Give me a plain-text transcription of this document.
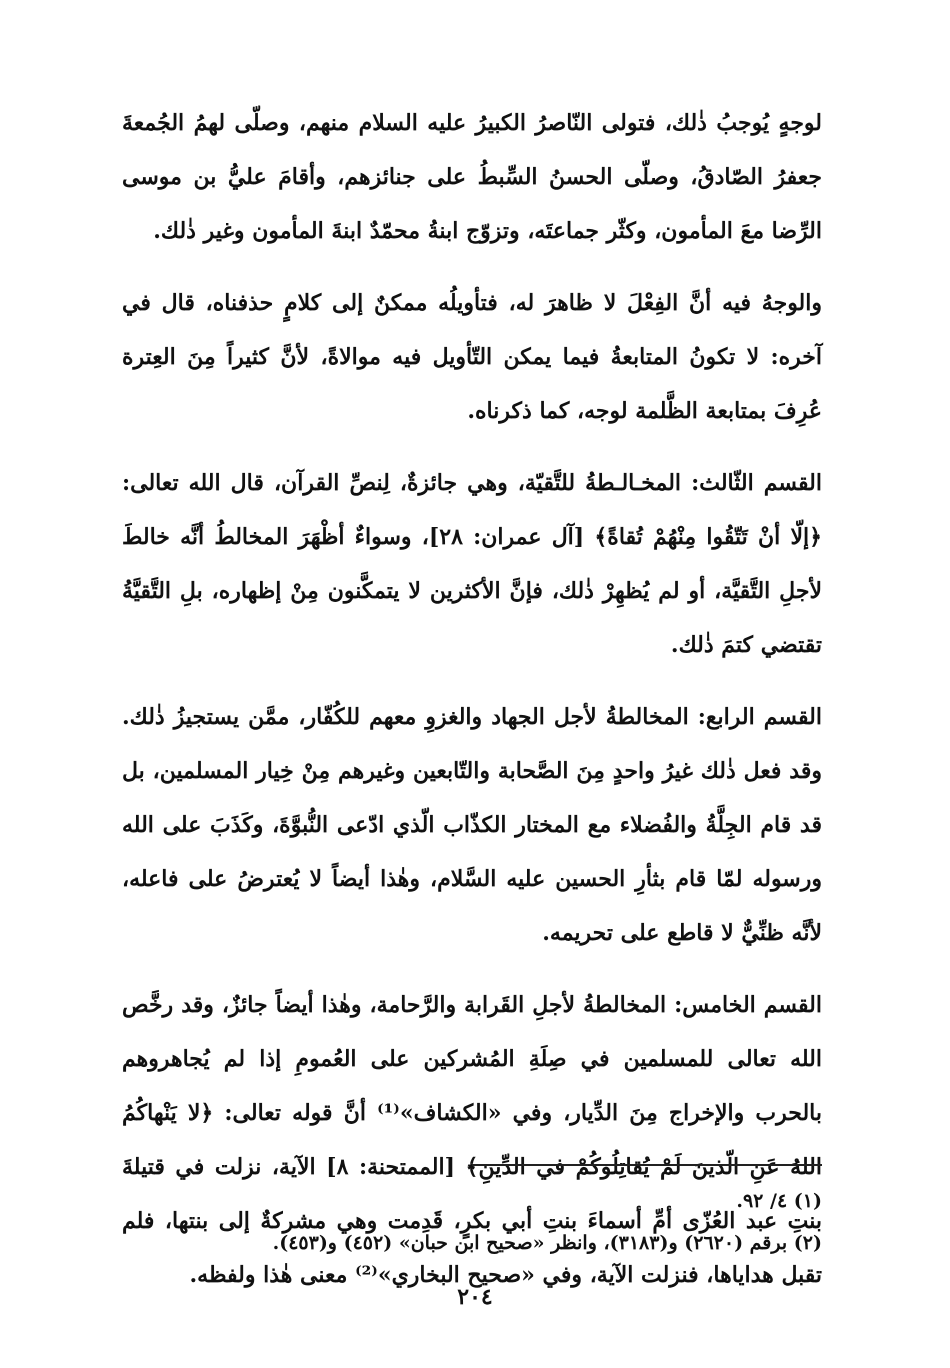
لوجهٍ يُوجبُ ذٰلك، فتولى النّاصرُ الكبيرُ عليه السلام منهم، وصلّى لهمُ الجُمعةَ جعفرُ الصّادقُ، وصلّى الحسنُ السِّبطُ على جنائزهم، وأقامَ عليُّ بن موسى الرِّضا معَ المأمون، وكثّر جماعتَه، وتزوّج ابنةُ محمّدٌ ابنةَ المأمون وغير ذٰلك.

والوجهُ فيه أنَّ الفِعْلَ لا ظاهرَ له، فتأويلُه ممكنٌ إلى كلامٍ حذفناه، قال في آخره: لا تكونُ المتابعةُ فيما يمكن التّأويل فيه موالاةً، لأنَّ كثيراً مِنَ العِترة عُرِفَ بمتابعة الظَّلمة لوجه، كما ذكرناه.

القسم الثّالث: المخـالـطةُ للتَّقيّة، وهي جائزةٌ، لِنصِّ القرآن، قال الله تعالى: ﴿إلّا أنْ تَتّقُوا مِنْهُمْ تُقاةً﴾ [آل عمران: ٢٨]، وسواءٌ أظْهَرَ المخالطُ أنَّه خالطَ لأجلِ التَّقيَّة، أو لم يُظهِرْ ذٰلك، فإنَّ الأكثرين لا يتمكَّنون مِنْ إظهاره، بلِ التَّقيَّةُ تقتضي كتمَ ذٰلك.

القسم الرابع: المخالطةُ لأجل الجهاد والغزوِ معهم للكُفّار، ممَّن يستجيزُ ذٰلك. وقد فعل ذٰلك غيرُ واحدٍ مِنَ الصَّحابة والتّابعين وغيرهم مِنْ خِيار المسلمين، بل قد قام الجِلَّةُ والفُضلاء مع المختار الكذّاب الّذي ادّعى النُّبوَّةَ، وكَذَبَ على الله ورسوله لمّا قام بثأرِ الحسين عليه السَّلام، وهٰذا أيضاً لا يُعترضُ على فاعله، لأنَّه ظنِّيٌّ لا قاطع على تحريمه.

القسم الخامس: المخالطةُ لأجلِ القَرابة والرَّحامة، وهٰذا أيضاً جائزٌ، وقد رخَّص الله تعالى للمسلمين في صِلَةِ المُشركين على العُمومِ إذا لم يُجاهروهم بالحرب والإخراج مِنَ الدِّيار، وفي «الكشاف»⁽¹⁾ أنَّ قوله تعالى: ﴿لا يَنْهاكُمُ اللهُ عَنِ الّذينَ لَمْ يُقاتِلُوكُمْ في الدِّينِ﴾ [الممتحنة: ٨] الآية، نزلت في قتيلةَ بنتِ عبد العُزّى أمِّ أسماءَ بنتِ أبي بكرٍ، قَدِمت وهي مشركةٌ إلى بنتها، فلم تقبل هداياها، فنزلت الآية، وفي «صحيح البخاري»⁽²⁾ معنى هٰذا ولفظه.

(١) ٤/ ٩٢.

(٢) برقم (٢٦٢٠) و(٣١٨٣)، وانظر «صحيح ابن حبان» (٤٥٢) و(٤٥٣).

٢٠٤
